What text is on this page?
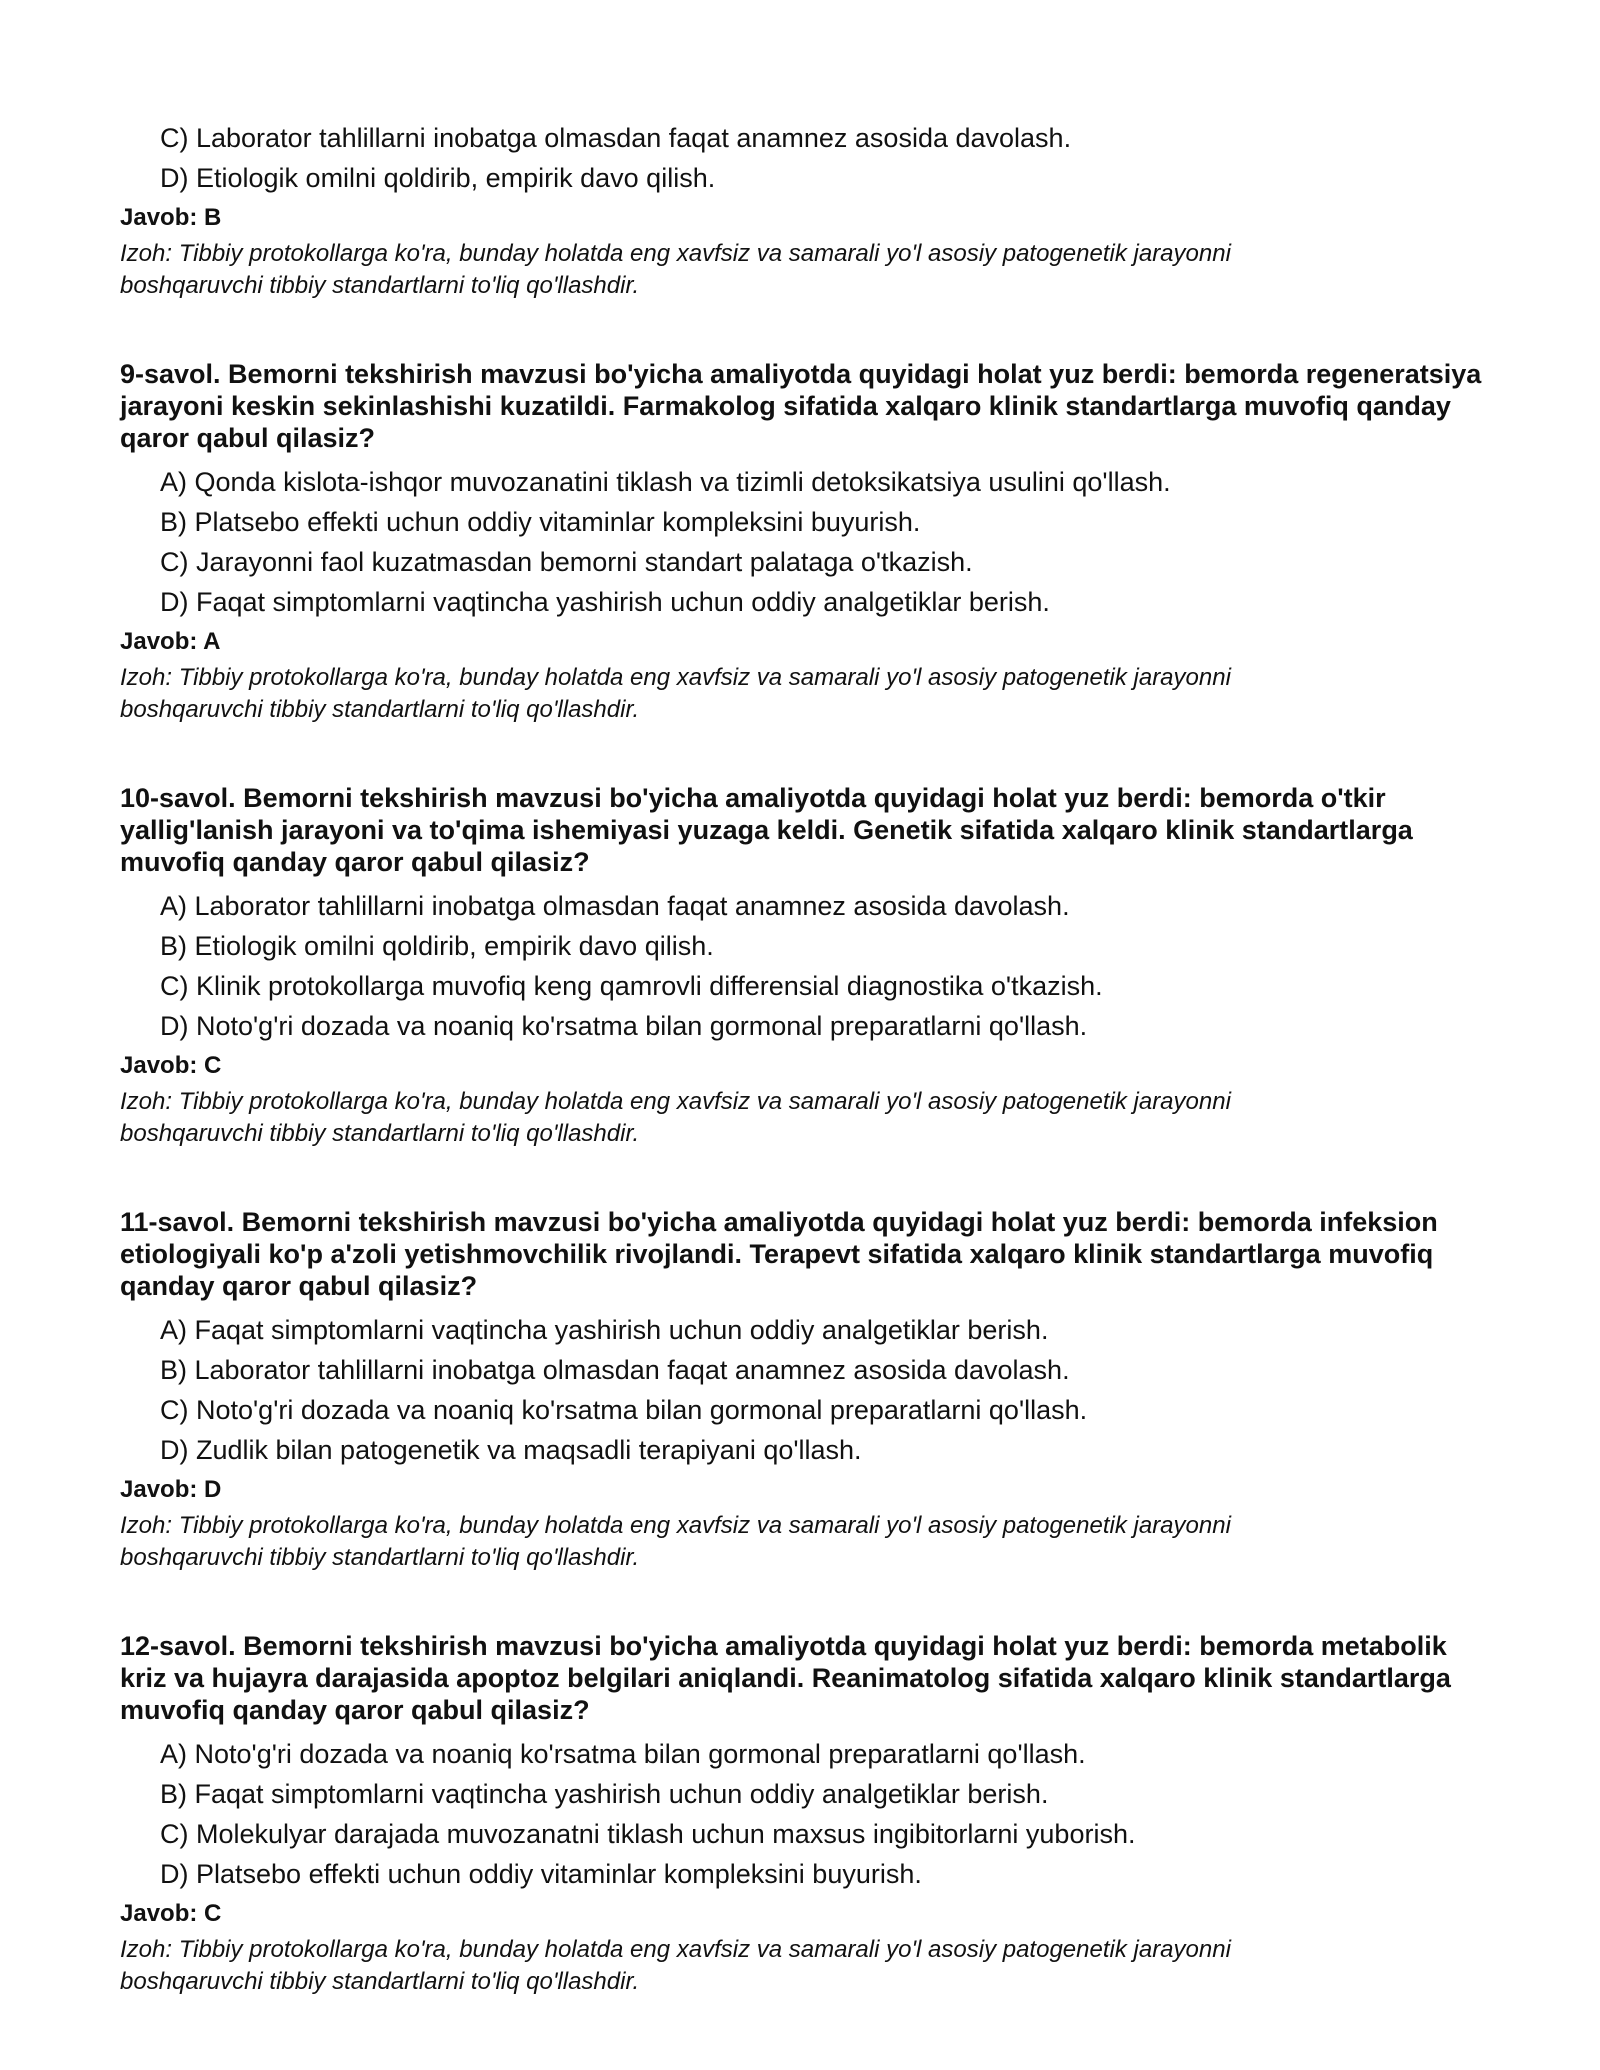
C) Laborator tahlillarni inobatga olmasdan faqat anamnez asosida davolash.
D) Etiologik omilni qoldirib, empirik davo qilish.
Javob: B
Izoh: Tibbiy protokollarga ko'ra, bunday holatda eng xavfsiz va samarali yo'l asosiy patogenetik jarayonni boshqaruvchi tibbiy standartlarni to'liq qo'llashdir.
9-savol. Bemorni tekshirish mavzusi bo'yicha amaliyotda quyidagi holat yuz berdi: bemorda regeneratsiya jarayoni keskin sekinlashishi kuzatildi. Farmakolog sifatida xalqaro klinik standartlarga muvofiq qanday qaror qabul qilasiz?
A) Qonda kislota-ishqor muvozanatini tiklash va tizimli detoksikatsiya usulini qo'llash.
B) Platsebo effekti uchun oddiy vitaminlar kompleksini buyurish.
C) Jarayonni faol kuzatmasdan bemorni standart palataga o'tkazish.
D) Faqat simptomlarni vaqtincha yashirish uchun oddiy analgetiklar berish.
Javob: A
Izoh: Tibbiy protokollarga ko'ra, bunday holatda eng xavfsiz va samarali yo'l asosiy patogenetik jarayonni boshqaruvchi tibbiy standartlarni to'liq qo'llashdir.
10-savol. Bemorni tekshirish mavzusi bo'yicha amaliyotda quyidagi holat yuz berdi: bemorda o'tkir yallig'lanish jarayoni va to'qima ishemiyasi yuzaga keldi. Genetik sifatida xalqaro klinik standartlarga muvofiq qanday qaror qabul qilasiz?
A) Laborator tahlillarni inobatga olmasdan faqat anamnez asosida davolash.
B) Etiologik omilni qoldirib, empirik davo qilish.
C) Klinik protokollarga muvofiq keng qamrovli differensial diagnostika o'tkazish.
D) Noto'g'ri dozada va noaniq ko'rsatma bilan gormonal preparatlarni qo'llash.
Javob: C
Izoh: Tibbiy protokollarga ko'ra, bunday holatda eng xavfsiz va samarali yo'l asosiy patogenetik jarayonni boshqaruvchi tibbiy standartlarni to'liq qo'llashdir.
11-savol. Bemorni tekshirish mavzusi bo'yicha amaliyotda quyidagi holat yuz berdi: bemorda infeksion etiologiyali ko'p a'zoli yetishmovchilik rivojlandi. Terapevt sifatida xalqaro klinik standartlarga muvofiq qanday qaror qabul qilasiz?
A) Faqat simptomlarni vaqtincha yashirish uchun oddiy analgetiklar berish.
B) Laborator tahlillarni inobatga olmasdan faqat anamnez asosida davolash.
C) Noto'g'ri dozada va noaniq ko'rsatma bilan gormonal preparatlarni qo'llash.
D) Zudlik bilan patogenetik va maqsadli terapiyani qo'llash.
Javob: D
Izoh: Tibbiy protokollarga ko'ra, bunday holatda eng xavfsiz va samarali yo'l asosiy patogenetik jarayonni boshqaruvchi tibbiy standartlarni to'liq qo'llashdir.
12-savol. Bemorni tekshirish mavzusi bo'yicha amaliyotda quyidagi holat yuz berdi: bemorda metabolik kriz va hujayra darajasida apoptoz belgilari aniqlandi. Reanimatolog sifatida xalqaro klinik standartlarga muvofiq qanday qaror qabul qilasiz?
A) Noto'g'ri dozada va noaniq ko'rsatma bilan gormonal preparatlarni qo'llash.
B) Faqat simptomlarni vaqtincha yashirish uchun oddiy analgetiklar berish.
C) Molekulyar darajada muvozanatni tiklash uchun maxsus ingibitorlarni yuborish.
D) Platsebo effekti uchun oddiy vitaminlar kompleksini buyurish.
Javob: C
Izoh: Tibbiy protokollarga ko'ra, bunday holatda eng xavfsiz va samarali yo'l asosiy patogenetik jarayonni boshqaruvchi tibbiy standartlarni to'liq qo'llashdir.
